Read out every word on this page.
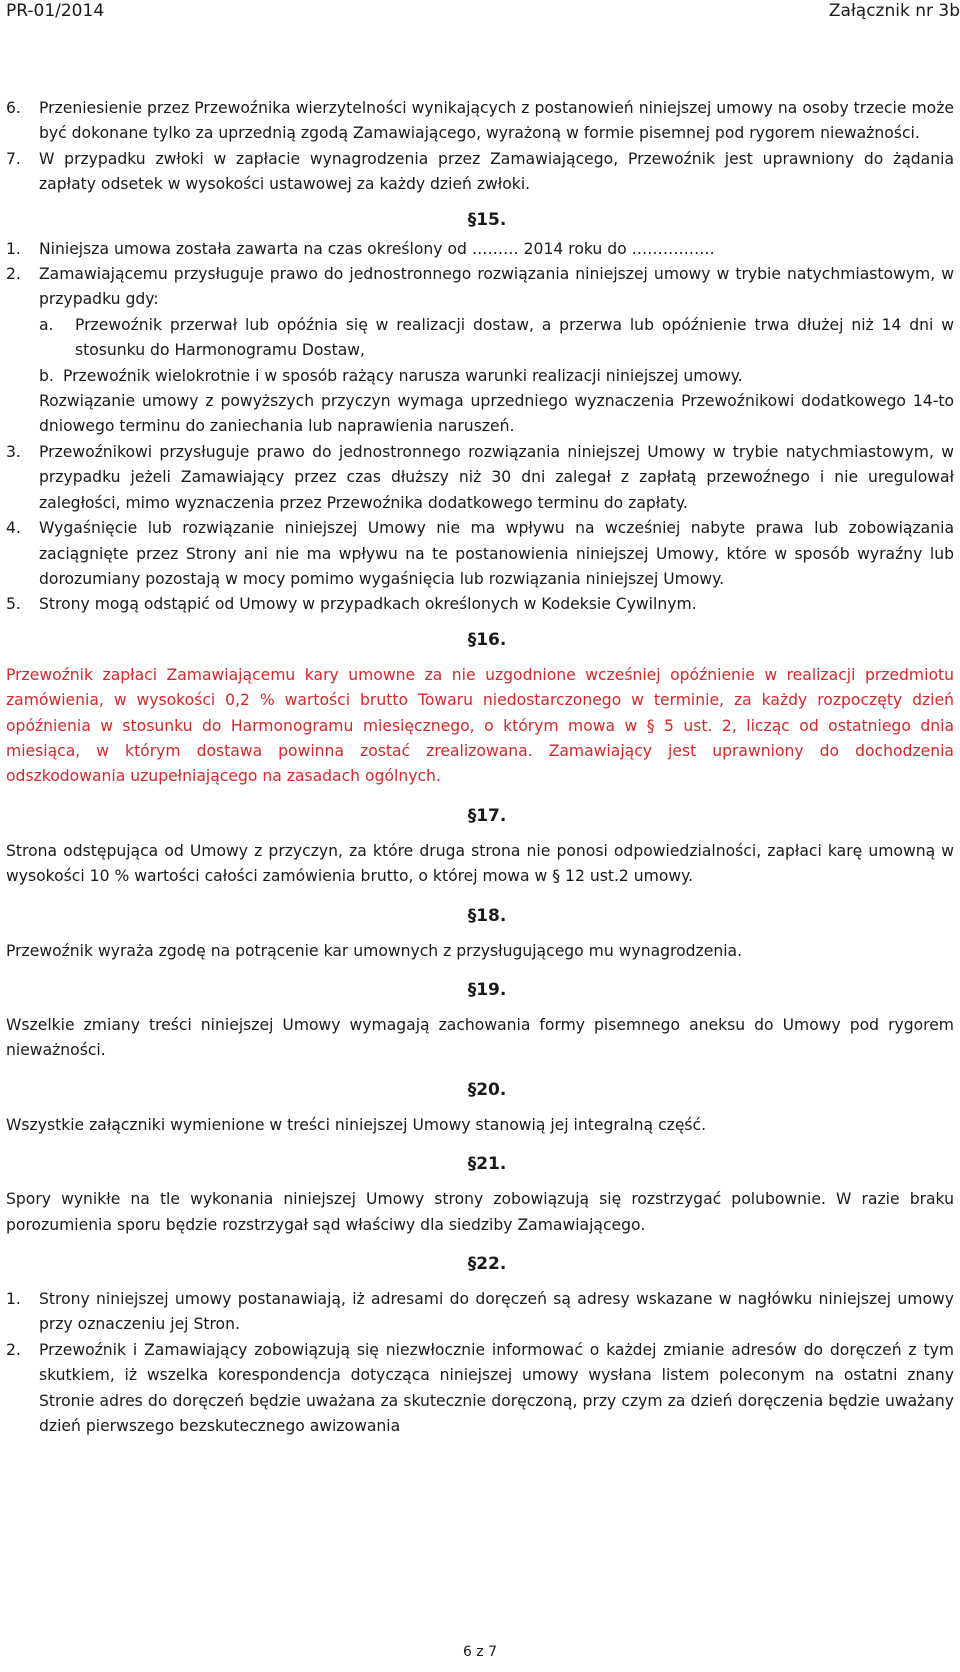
PR-01/2014	Załącznik nr 3b
6. Przeniesienie przez Przewoźnika wierzytelności wynikających z postanowień niniejszej umowy na osoby trzecie może być dokonane tylko za uprzednią zgodą Zamawiającego, wyrażoną w formie pisemnej pod rygorem nieważności.
7. W przypadku zwłoki w zapłacie wynagrodzenia przez Zamawiającego, Przewoźnik jest uprawniony do żądania zapłaty odsetek w wysokości ustawowej za każdy dzień zwłoki.
§15.
1. Niniejsza umowa została zawarta na czas określony od ……… 2014 roku do …………….
2. Zamawiającemu przysługuje prawo do jednostronnego rozwiązania niniejszej umowy w trybie natychmiastowym, w przypadku gdy:
a. Przewoźnik przerwał lub opóźnia się w realizacji dostaw, a przerwa lub opóźnienie trwa dłużej niż 14 dni w stosunku do Harmonogramu Dostaw,
b. Przewoźnik wielokrotnie i w sposób rażący narusza warunki realizacji niniejszej umowy.
Rozwiązanie umowy z powyższych przyczyn wymaga uprzedniego wyznaczenia Przewoźnikowi dodatkowego 14-to dniowego terminu do zaniechania lub naprawienia naruszeń.
3. Przewoźnikowi przysługuje prawo do jednostronnego rozwiązania niniejszej Umowy w trybie natychmiastowym, w przypadku jeżeli Zamawiający przez czas dłuższy niż 30 dni zalegał z zapłatą przewoźnego i nie uregulował zaległości, mimo wyznaczenia przez Przewoźnika dodatkowego terminu do zapłaty.
4. Wygaśnięcie lub rozwiązanie niniejszej Umowy nie ma wpływu na wcześniej nabyte prawa lub zobowiązania zaciągnięte przez Strony ani nie ma wpływu na te postanowienia niniejszej Umowy, które w sposób wyraźny lub dorozumiany pozostają w mocy pomimo wygaśnięcia lub rozwiązania niniejszej Umowy.
5. Strony mogą odstąpić od Umowy w przypadkach określonych w Kodeksie Cywilnym.
§16.
Przewoźnik zapłaci Zamawiającemu kary umowne za nie uzgodnione wcześniej opóźnienie w realizacji przedmiotu zamówienia, w wysokości 0,2 % wartości brutto Towaru niedostarczonego w terminie, za każdy rozpoczęty dzień opóźnienia w stosunku do Harmonogramu miesięcznego, o którym mowa w § 5 ust. 2, licząc od ostatniego dnia miesiąca, w którym dostawa powinna zostać zrealizowana. Zamawiający jest uprawniony do dochodzenia odszkodowania uzupełniającego na zasadach ogólnych.
§17.
Strona odstępująca od Umowy z przyczyn, za które druga strona nie ponosi odpowiedzialności, zapłaci karę umowną w wysokości 10 % wartości całości zamówienia brutto, o której mowa w § 12 ust.2 umowy.
§18.
Przewoźnik wyraża zgodę na potrącenie kar umownych z przysługującego mu wynagrodzenia.
§19.
Wszelkie zmiany treści niniejszej Umowy wymagają zachowania formy pisemnego aneksu do Umowy pod rygorem nieważności.
§20.
Wszystkie załączniki wymienione w treści niniejszej Umowy stanowią jej integralną część.
§21.
Spory wynikłe na tle wykonania niniejszej Umowy strony zobowiązują się rozstrzygać polubownie. W razie braku porozumienia sporu będzie rozstrzygał sąd właściwy dla siedziby Zamawiającego.
§22.
1. Strony niniejszej umowy postanawiają, iż adresami do doręczeń są adresy wskazane w nagłówku niniejszej umowy przy oznaczeniu jej Stron.
2. Przewoźnik i Zamawiający zobowiązują się niezwłocznie informować o każdej zmianie adresów do doręczeń z tym skutkiem, iż wszelka korespondencja dotycząca niniejszej umowy wysłana listem poleconym na ostatni znany Stronie adres do doręczeń będzie uważana za skutecznie doręczoną, przy czym za dzień doręczenia będzie uważany dzień pierwszego bezskutecznego awizowania
6 z 7
